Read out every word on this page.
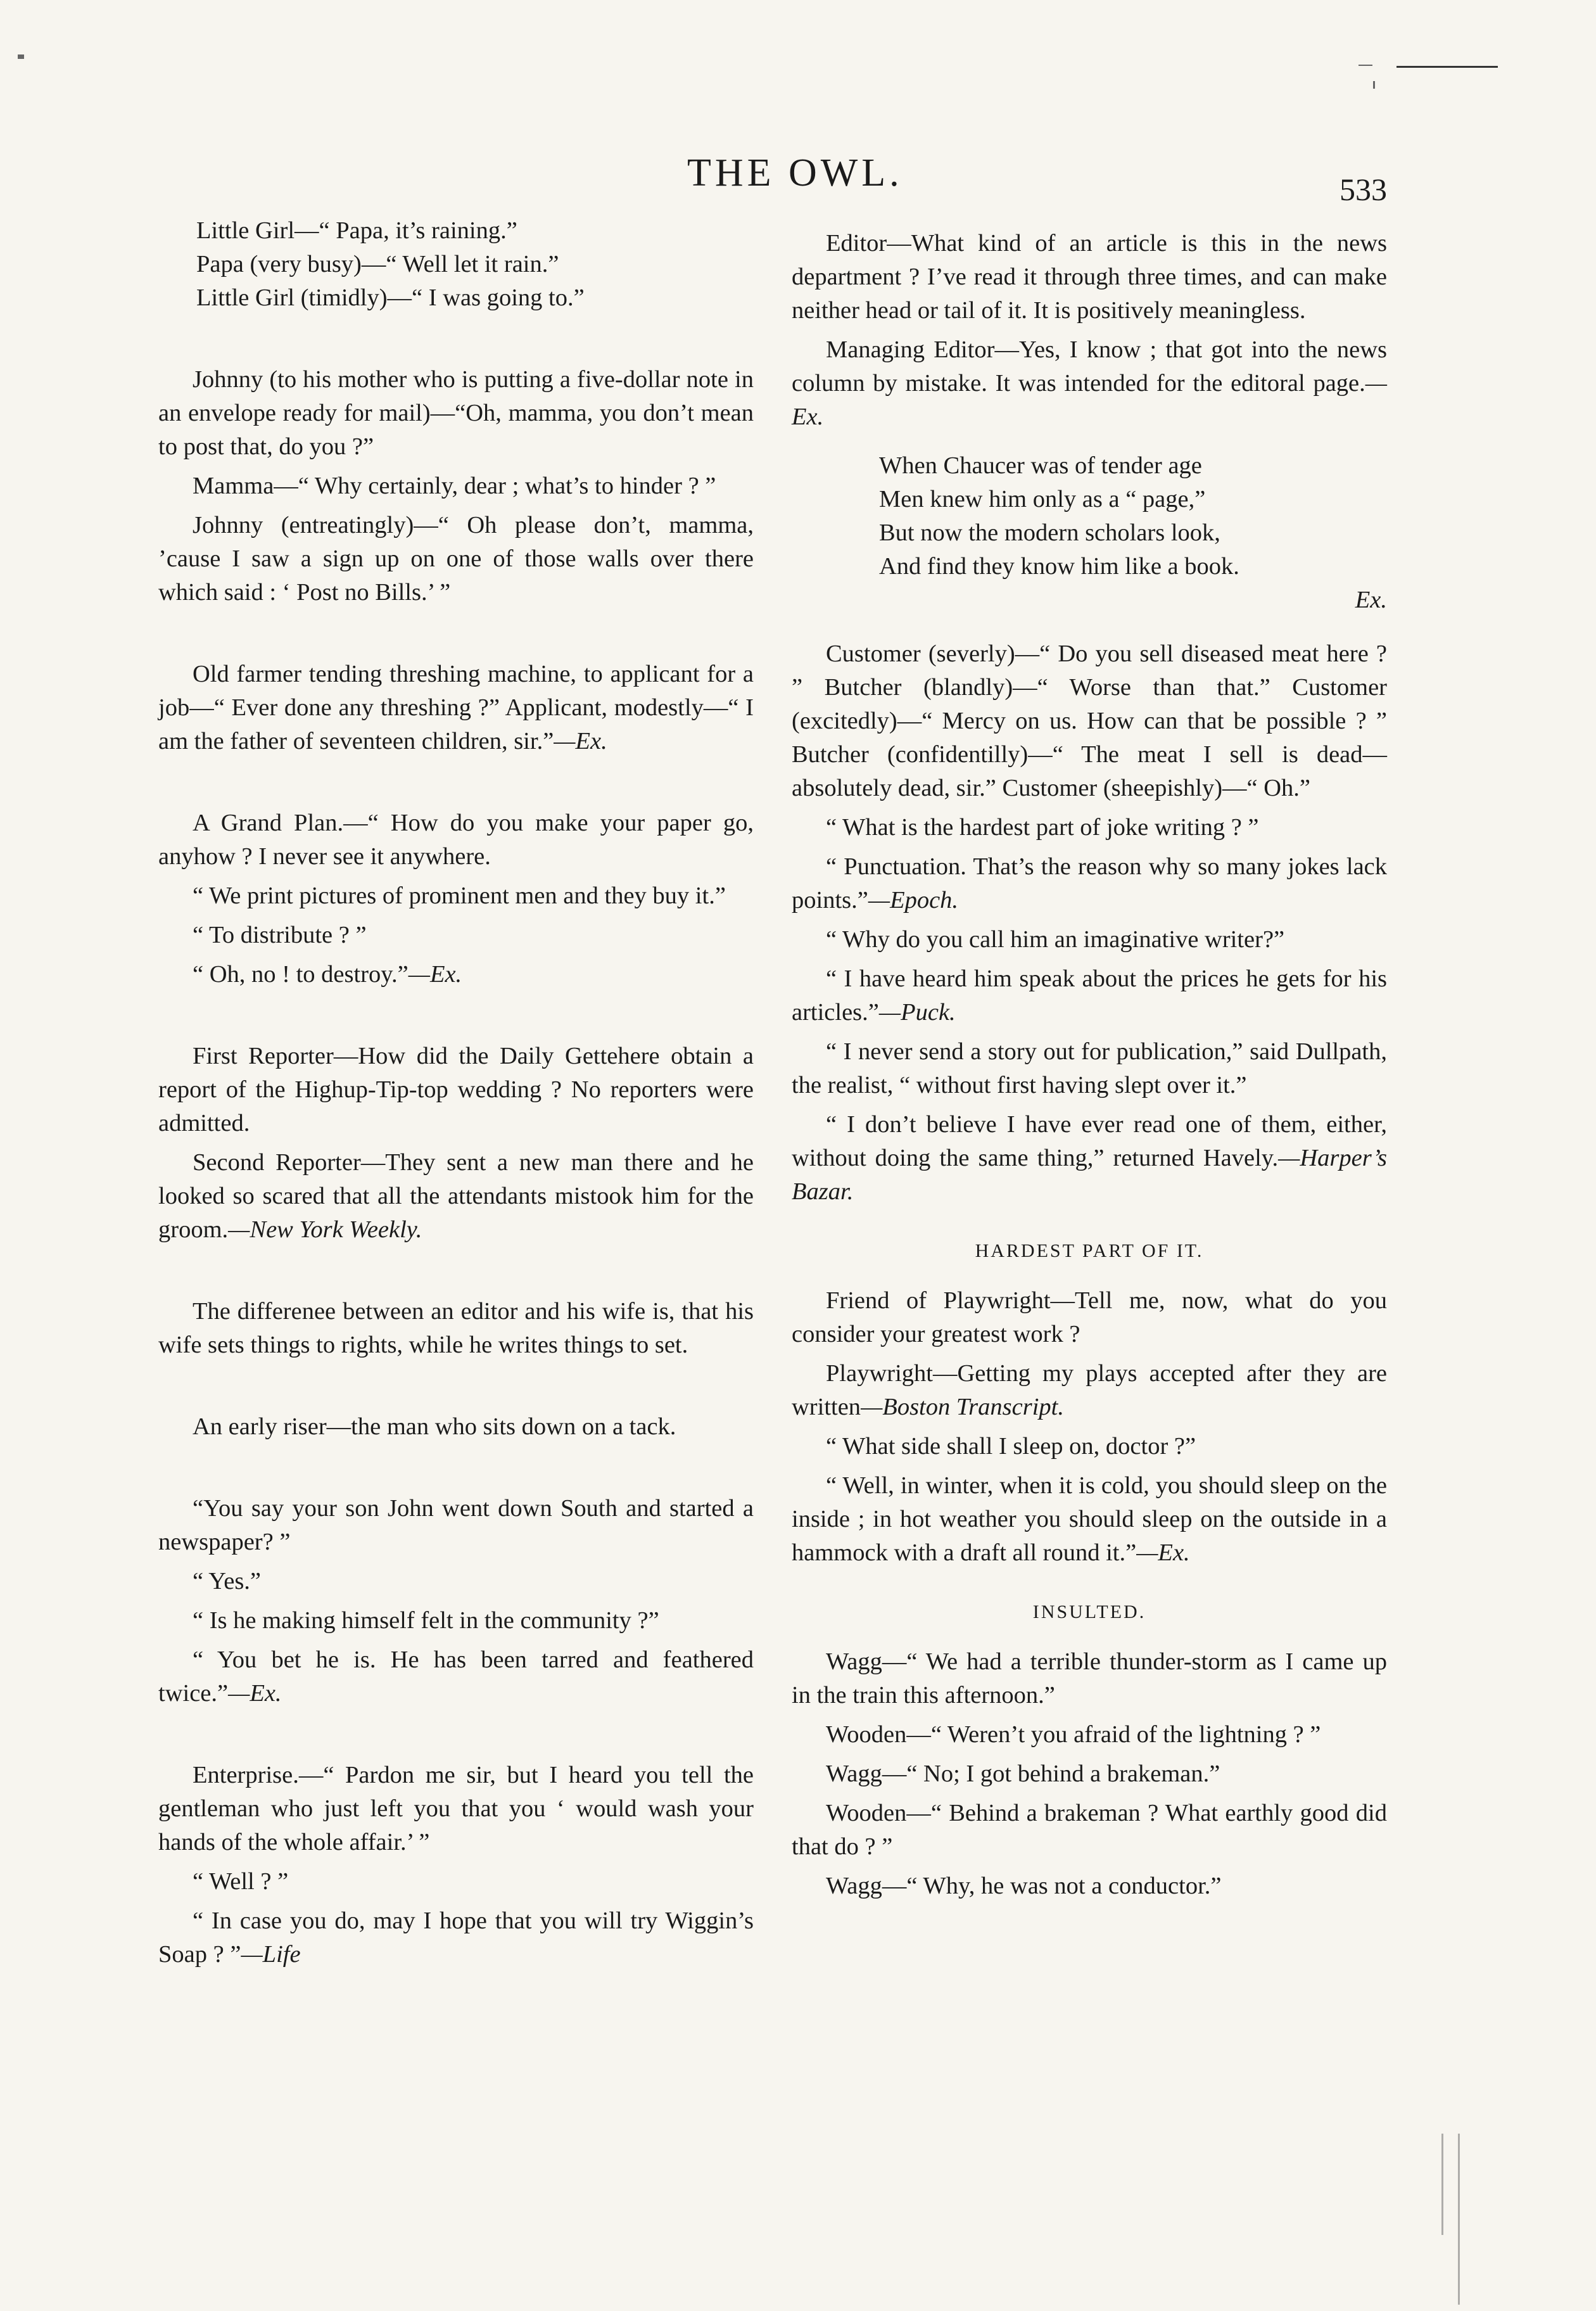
THE OWL.	533

Little Girl—“ Papa, it’s raining.”

Papa (very busy)—“ Well let it rain.”

Little Girl (timidly)—“ I was going to.”

Johnny (to his mother who is putting a five-dollar note in an envelope ready for mail)—“Oh, mamma, you don’t mean to post that, do you ?”

Mamma—“ Why certainly, dear ; what’s to hinder ? ”

Johnny (entreatingly)—“ Oh please don’t, mamma, ’cause I saw a sign up on one of those walls over there which said : ‘ Post no Bills.’ ”

Old farmer tending threshing machine, to applicant for a job—“ Ever done any threshing ?” Applicant, modestly—“ I am the father of seventeen children, sir.”—Ex.

A Grand Plan.—“ How do you make your paper go, anyhow ? I never see it anywhere.

“ We print pictures of prominent men and they buy it.”

“ To distribute ? ”

“ Oh, no ! to destroy.”—Ex.

First Reporter—How did the Daily Gettehere obtain a report of the Highup-Tip-top wedding ? No reporters were admitted.

Second Reporter—They sent a new man there and he looked so scared that all the attendants mistook him for the groom.—New York Weekly.

The differenee between an editor and his wife is, that his wife sets things to rights, while he writes things to set.

An early riser—the man who sits down on a tack.

“You say your son John went down South and started a newspaper? ”

“ Yes.”

“ Is he making himself felt in the community ?”

“ You bet he is. He has been tarred and feathered twice.”—Ex.

Enterprise.—“ Pardon me sir, but I heard you tell the gentleman who just left you that you ‘ would wash your hands of the whole affair.’ ”

“ Well ? ”

“ In case you do, may I hope that you will try Wiggin’s Soap ? ”—Life

Editor—What kind of an article is this in the news department ? I’ve read it through three times, and can make neither head or tail of it. It is positively meaningless.

Managing Editor—Yes, I know ; that got into the news column by mistake. It was intended for the editoral page.—Ex.

When Chaucer was of tender age
Men knew him only as a “ page,”
But now the modern scholars look,
And find they know him like a book.
Ex.

Customer (severly)—“ Do you sell diseased meat here ? ” Butcher (blandly)—“ Worse than that.” Customer (excitedly)—“ Mercy on us. How can that be possible ? ” Butcher (confidentilly)—“ The meat I sell is dead—absolutely dead, sir.” Customer (sheepishly)—“ Oh.”

“ What is the hardest part of joke writing ? ”

“ Punctuation. That’s the reason why so many jokes lack points.”—Epoch.

“ Why do you call him an imaginative writer?”

“ I have heard him speak about the prices he gets for his articles.”—Puck.

“ I never send a story out for publication,” said Dullpath, the realist, “ without first having slept over it.”

“ I don’t believe I have ever read one of them, either, without doing the same thing,” returned Havely.—Harper’s Bazar.

HARDEST PART OF IT.

Friend of Playwright—Tell me, now, what do you consider your greatest work ?

Playwright—Getting my plays accepted after they are written—Boston Transcript.

“ What side shall I sleep on, doctor ?”

“ Well, in winter, when it is cold, you should sleep on the inside ; in hot weather you should sleep on the outside in a hammock with a draft all round it.”—Ex.

INSULTED.

Wagg—“ We had a terrible thunder-storm as I came up in the train this afternoon.”

Wooden—“ Weren’t you afraid of the lightning ? ”

Wagg—“ No; I got behind a brakeman.”

Wooden—“ Behind a brakeman ? What earthly good did that do ? ”

Wagg—“ Why, he was not a conductor.”
